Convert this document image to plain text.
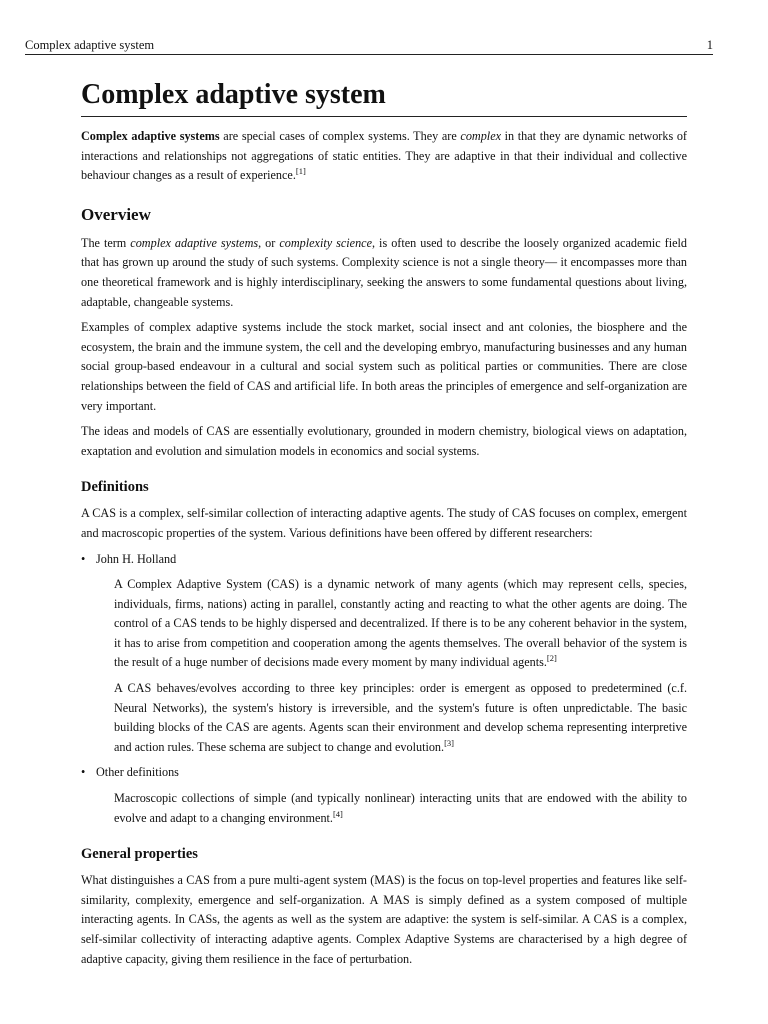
Complex adaptive system	1
Complex adaptive system

Complex adaptive systems are special cases of complex systems. They are complex in that they are dynamic networks of interactions and relationships not aggregations of static entities. They are adaptive in that their individual and collective behaviour changes as a result of experience.[1]

Overview

The term complex adaptive systems, or complexity science, is often used to describe the loosely organized academic field that has grown up around the study of such systems. Complexity science is not a single theory— it encompasses more than one theoretical framework and is highly interdisciplinary, seeking the answers to some fundamental questions about living, adaptable, changeable systems.

Examples of complex adaptive systems include the stock market, social insect and ant colonies, the biosphere and the ecosystem, the brain and the immune system, the cell and the developing embryo, manufacturing businesses and any human social group-based endeavour in a cultural and social system such as political parties or communities. There are close relationships between the field of CAS and artificial life. In both areas the principles of emergence and self-organization are very important.

The ideas and models of CAS are essentially evolutionary, grounded in modern chemistry, biological views on adaptation, exaptation and evolution and simulation models in economics and social systems.

Definitions

A CAS is a complex, self-similar collection of interacting adaptive agents. The study of CAS focuses on complex, emergent and macroscopic properties of the system. Various definitions have been offered by different researchers:

• John H. Holland

A Complex Adaptive System (CAS) is a dynamic network of many agents (which may represent cells, species, individuals, firms, nations) acting in parallel, constantly acting and reacting to what the other agents are doing. The control of a CAS tends to be highly dispersed and decentralized. If there is to be any coherent behavior in the system, it has to arise from competition and cooperation among the agents themselves. The overall behavior of the system is the result of a huge number of decisions made every moment by many individual agents.[2]

A CAS behaves/evolves according to three key principles: order is emergent as opposed to predetermined (c.f. Neural Networks), the system's history is irreversible, and the system's future is often unpredictable. The basic building blocks of the CAS are agents. Agents scan their environment and develop schema representing interpretive and action rules. These schema are subject to change and evolution.[3]

• Other definitions

Macroscopic collections of simple (and typically nonlinear) interacting units that are endowed with the ability to evolve and adapt to a changing environment.[4]

General properties

What distinguishes a CAS from a pure multi-agent system (MAS) is the focus on top-level properties and features like self-similarity, complexity, emergence and self-organization. A MAS is simply defined as a system composed of multiple interacting agents. In CASs, the agents as well as the system are adaptive: the system is self-similar. A CAS is a complex, self-similar collectivity of interacting adaptive agents. Complex Adaptive Systems are characterised by a high degree of adaptive capacity, giving them resilience in the face of perturbation.
